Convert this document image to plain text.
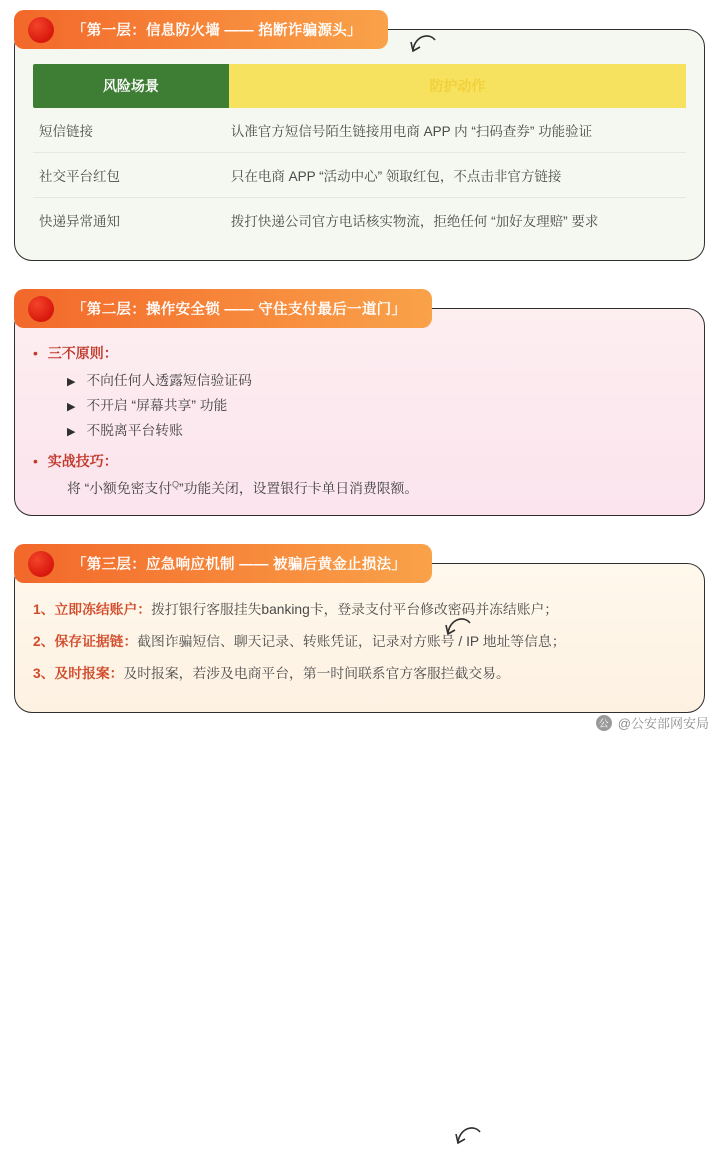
「第一层：信息防火墙 —— 掐断诈骗源头」
风险场景	防护动作
短信链接	认准官方短信号陌生链接用电商 APP 内 “扫码查券” 功能验证
社交平台红包	只在电商 APP “活动中心” 领取红包，不点击非官方链接
快递异常通知	拨打快递公司官方电话核实物流，拒绝任何 “加好友理赔” 要求
「第二层：操作安全锁 —— 守住支付最后一道门」
• 三不原则：
▶ 不向任何人透露短信验证码
▶ 不开启 “屏幕共享” 功能
▶ 不脱离平台转账
• 实战技巧：
将 “小额免密支付$^Q$”功能关闭，设置银行卡单日消费限额。
「第三层：应急响应机制 —— 被骗后黄金止损法」
1、立即冻结账户：拨打银行客服挂失banking卡，登录支付平台修改密码并冻结账户；
2、保存证据链：截图诈骗短信、聊天记录、转账凭证，记录对方账号 / IP 地址等信息；
3、及时报案：及时报案，若涉及电商平台，第一时间联系官方客服拦截交易。
公 @公安部网安局
